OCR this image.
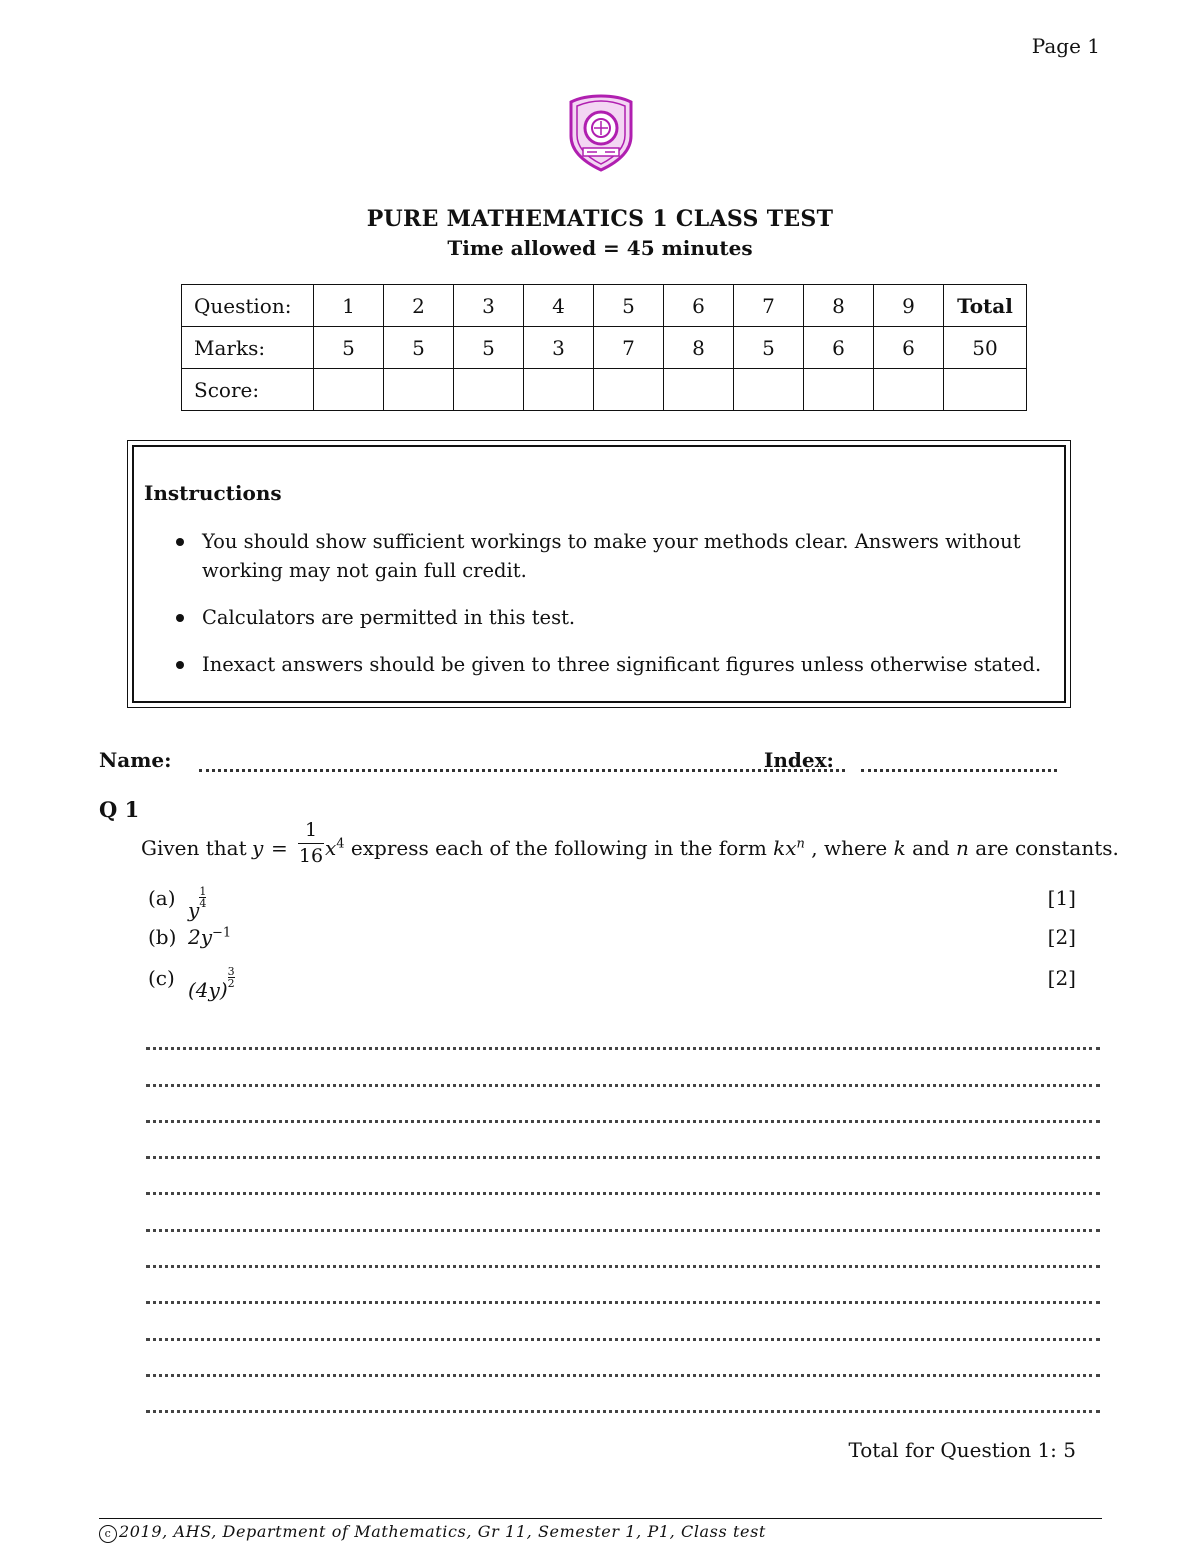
Page 1
PURE MATHEMATICS 1 CLASS TEST
Time allowed = 45 minutes
Question:	1	2	3	4	5	6	7	8	9	Total
Marks:	5	5	5	3	7	8	5	6	6	50
Score:										
Instructions
You should show sufficient workings to make your methods clear. Answers without working may not gain full credit.
Calculators are permitted in this test.
Inexact answers should be given to three significant figures unless otherwise stated.
Name:	Index:
Q 1
Given that $y = \frac{1}{16} x^4$ express each of the following in the form $kx^n$ , where k and n are constants.
(a) y
$\frac{1}{4}$	[1]
(b) $2y^{-1}$	[2]
(c) (4y)
$\frac{3}{2}$	[2]
Total for Question 1: 5
c 2019, AHS, Department of Mathematics, Gr 11, Semester 1, P1, Class test
